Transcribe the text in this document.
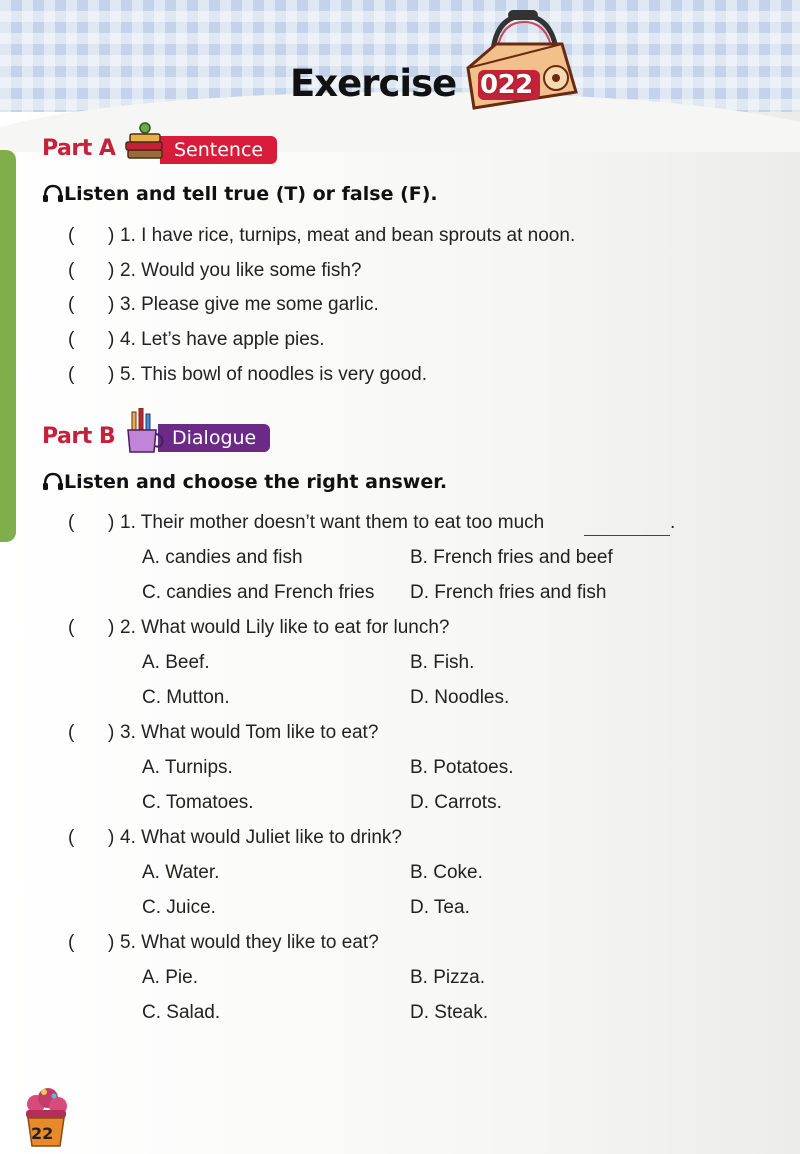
Exercise 022
Part A	Sentence
Listen and tell true (T) or false (F).
( ) 1. I have rice, turnips, meat and bean sprouts at noon.
( ) 2. Would you like some fish?
( ) 3. Please give me some garlic.
( ) 4. Let’s have apple pies.
( ) 5. This bowl of noodles is very good.
Part B	Dialogue
Listen and choose the right answer.
( ) 1. Their mother doesn’t want them to eat too much	.
A. candies and fish	B. French fries and beef
C. candies and French fries D. French fries and fish
( ) 2. What would Lily like to eat for lunch?
A. Beef.	B. Fish.
C. Mutton.	D. Noodles.
( ) 3. What would Tom like to eat?
A. Turnips.	B. Potatoes.
C. Tomatoes.	D. Carrots.
( ) 4. What would Juliet like to drink?
A. Water.	B. Coke.
C. Juice.	D. Tea.
( ) 5. What would they like to eat?
A. Pie.	B. Pizza.
C. Salad.	D. Steak.
22
